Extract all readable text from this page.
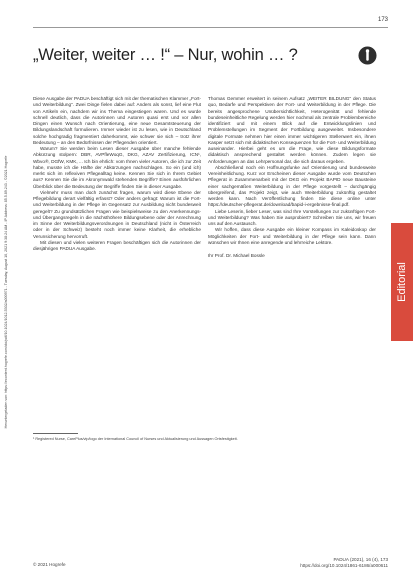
Heruntergeladen von: https://econtent.hogrefe.com/doi/pdf/10.1024/1012-5302/a000971 - Tuesday, August 10, 2021 9:38:24 AM - IP Address: 85.5.89.243 - ©2021 Hogrefe
173
„Weiter, weiter … !“ – Nur, wohin … ?

Diese Ausgabe der PADUA beschäftigt sich mit der thematischen Klammer „Fort- und Weiterbildung“. Zwei Dinge fielen dabei auf: Anders als sonst, lief eine Flut von Artikeln ein, nachdem wir ins Thema eingestiegen waren. Und es wurde schnell deutlich, dass die Autorinnen und Autoren quasi erst und vor allen Dingen einen Wunsch nach Orientierung, eine neue Gesamtsteuerung der Bildungslandschaft formulieren. Immer wieder ist zu lesen, wie in Deutschland solche hochgradig fragmentiert daherkommt, wie schwer sie sich – trotz ihrer Bedeutung – an den Bedürfnissen der Pflegenden orientiert.

Warum? Sie werden beim Lesen dieser Ausgabe über manche fehlende Abkürzung stolpern: DBR, AVPfleWoqG, DKG, AZAV Zertifizierung, ICN¹, Wbvo®, DGfW, KMK, ... Ich bin ehrlich: vom Ihnen vieler Autoren, die ich zur Zeit habe, musste ich die Hälfte der Abkürzungen nachschlagen. So ein (und ich) merkt sich im reflexiven Pflegealltag keine. Kennen Sie sich in Ihrem Gebiet aus? Kennen Sie die im Akronymwald stehenden Begriffe? Einen ausführlichen Überblick über die Bedeutung der Begriffe finden Sie in dieser Ausgabe.

Vielmehr muss man doch zunächst fragen, warum wird diese Ebene der Pflegebildung derart vielfältig erfasst? Oder anders gefragt: Warum ist die Fort- und Weiterbildung in der Pflege im Gegensatz zur Ausbildung nicht bundesweit geregelt? Zu grundsätzlichen Fragen wie beispielsweise zu den Anerkennungs- und Übergangsregeln in die nächsthöhere Bildungsebene oder der Anrechnung im Sinne der Weiterbildungsverordnungen in Deutschland (nicht in Österreich oder in der Schweiz) besteht noch immer keine Klarheit, die erhebliche Verunsicherung hervorruft.

Mit diesen und vielen weiteren Fragen beschäftigen sich die Autorinnen der diesjährigen PADUA Ausgabe.

Thomas Gemmer erweitert in seinem Aufsatz „WEITER BILDUNG“ den Status quo, Bedarfe und Perspektiven der Fort- und Weiterbildung in der Pflege. Die bereits angesprochene Unübersichtlichkeit, Heterogenität und fehlende bundeseinheitliche Regelung werden hier nochmal als zentrale Problembereiche identifiziert und mit einem Blick auf die Entwicklungslinien und Problemstellungen im Segment der Fortbildung ausgeweitet. Insbesondere digitale Formate nehmen hier einen immer wichtigeren Stellenwert ein, ihnen Kasper setzt sich mit didaktischen Konsequenzen für die Fort- und Weiterbildung auseinander. Hierbei geht es um die Frage, wie diese Bildungsformate didaktisch ansprechend gestaltet werden können. Zudem legen sie Anforderungen an das Lehrpersonal dar, die sich daraus ergeben.

Abschließend noch ein Hoffnungsfunke auf Orientierung und bundesweite Vereinheitlichung. Kurz vor Erscheinen dieser Ausgabe wurde vom Deutschen Pflegerat in Zusammenarbeit mit der DKG ein Projekt BAPID neue Bausteine einer sachgemäßen Weiterbildung in der Pflege vorgestellt – durchgängig übergreifend, das Projekt zeigt, wie auch Weiterbildung zukünftig gestaltet werden kann. Nach Veröffentlichung finden Sie diese online unter https://deutscher-pflegerat.de/download/bapid-i-ergebnisse-final.pdf.

Liebe Leserin, lieber Leser, was sind Ihre Vorstellungen zur zukünftigen Fort- und Weiterbildung? Was haben Sie ausprobiert? Schreiben Sie uns, wir freuen uns auf den Austausch.

Wir hoffen, dass diese Ausgabe ein kleiner Kompass im Kaleidoskop der Möglichkeiten der Fort- und Weiterbildung in der Pflege sein kann. Dann wünschen wir Ihnen eine anregende und lehrreiche Lektüre.

Ihr Prof. Dr. Michael Bossle

Editorial
¹ Registered Nurse, CarePlus/vip/logo der International Council of Nurses und Aktualisierung und Aussagen Ortsfestigkeit.
© 2021 Hogrefe
PADUA (2021), 16 (4), 173
https://doi.org/10.1024/1861-6186/a000611
